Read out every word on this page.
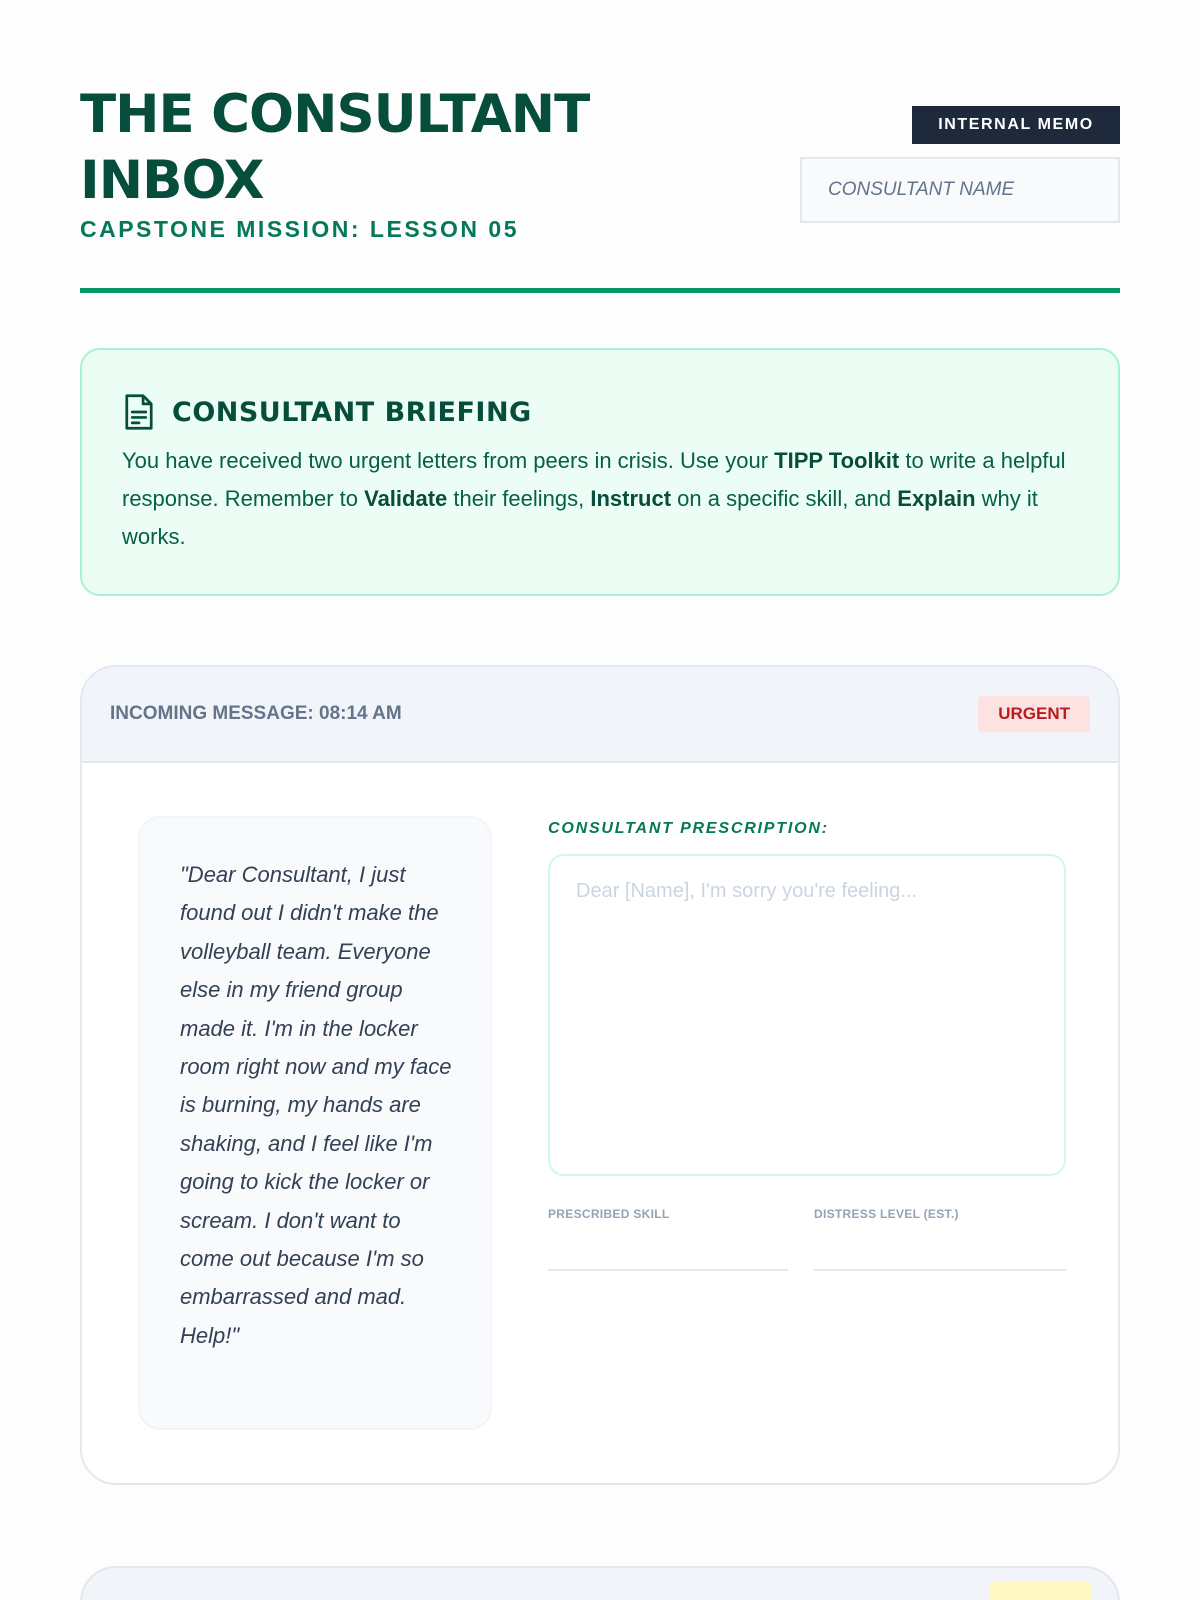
THE CONSULTANT INBOX
CAPSTONE MISSION: LESSON 05
INTERNAL MEMO
CONSULTANT NAME
CONSULTANT BRIEFING

You have received two urgent letters from peers in crisis. Use your TIPP Toolkit to write a helpful response. Remember to Validate their feelings, Instruct on a specific skill, and Explain why it works.

INCOMING MESSAGE: 08:14 AM	URGENT
"Dear Consultant, I just found out I didn't make the volleyball team. Everyone else in my friend group made it. I'm in the locker room right now and my face is burning, my hands are shaking, and I feel like I'm going to kick the locker or scream. I don't want to come out because I'm so embarrassed and mad. Help!"
CONSULTANT PRESCRIPTION:
Dear [Name], I'm sorry you're feeling...
PRESCRIBED SKILL	DISTRESS LEVEL (EST.)
